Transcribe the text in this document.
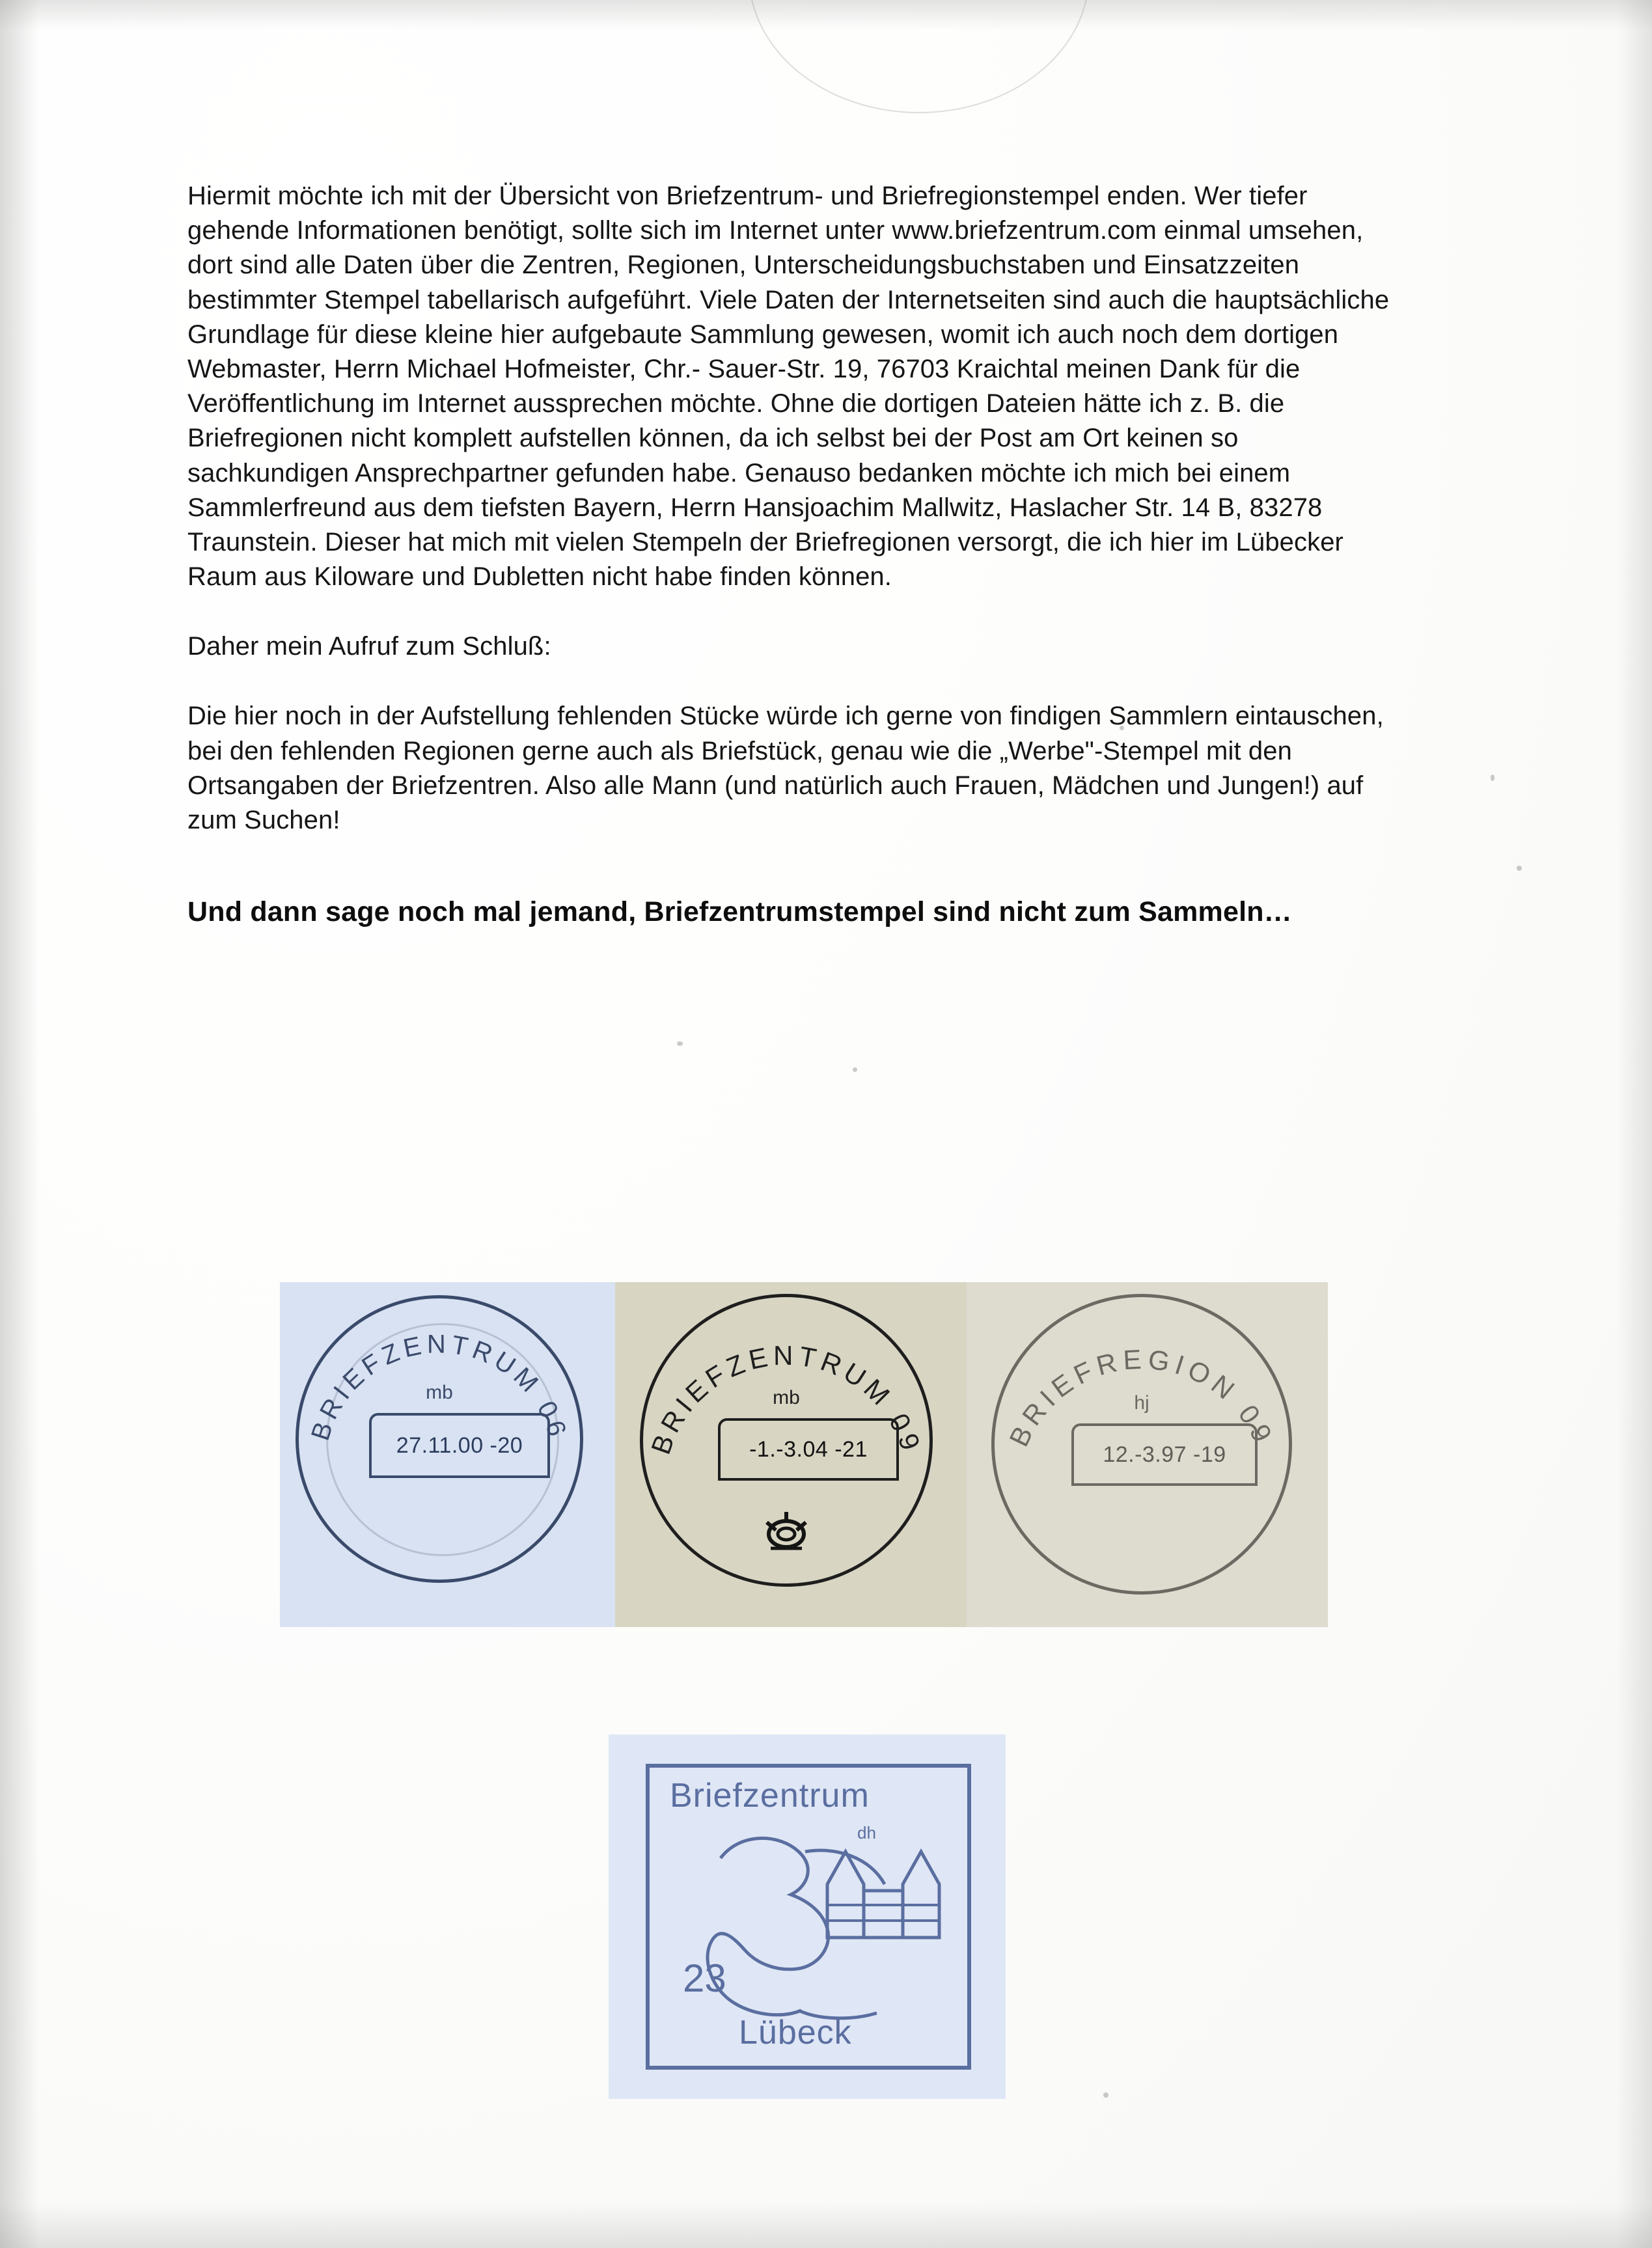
Hiermit möchte ich mit der Übersicht von Briefzentrum- und Briefregionstempel enden. Wer tiefer gehende Informationen benötigt, sollte sich im Internet unter www.briefzentrum.com einmal umsehen, dort sind alle Daten über die Zentren, Regionen, Unterscheidungsbuchstaben und Einsatzzeiten bestimmter Stempel tabellarisch aufgeführt. Viele Daten der Internetseiten sind auch die hauptsächliche Grundlage für diese kleine hier aufgebaute Sammlung gewesen, womit ich auch noch dem dortigen Webmaster, Herrn Michael Hofmeister, Chr.- Sauer-Str. 19, 76703 Kraichtal meinen Dank für die Veröffentlichung im Internet aussprechen möchte. Ohne die dortigen Dateien hätte ich z. B. die Briefregionen nicht komplett aufstellen können, da ich selbst bei der Post am Ort keinen so sachkundigen Ansprechpartner gefunden habe. Genauso bedanken möchte ich mich bei einem Sammlerfreund aus dem tiefsten Bayern, Herrn Hansjoachim Mallwitz, Haslacher Str. 14 B, 83278 Traunstein. Dieser hat mich mit vielen Stempeln der Briefregionen versorgt, die ich hier im Lübecker Raum aus Kiloware und Dubletten nicht habe finden können.

Daher mein Aufruf zum Schluß:

Die hier noch in der Aufstellung fehlenden Stücke würde ich gerne von findigen Sammlern eintauschen, bei den fehlenden Regionen gerne auch als Briefstück, genau wie die „Werbe"-Stempel mit den Ortsangaben der Briefzentren. Also alle Mann (und natürlich auch Frauen, Mädchen und Jungen!) auf zum Suchen!

Und dann sage noch mal jemand, Briefzentrumstempel sind nicht zum Sammeln…

BRIEFZENTRUM 06
mb
27.11.00 -20	BRIEFZENTRUM 09
mb
-1.-3.04 -21	BRIEFREGION 09
hj
12.-3.97 -19
Briefzentrum
dh
23
Lübeck
